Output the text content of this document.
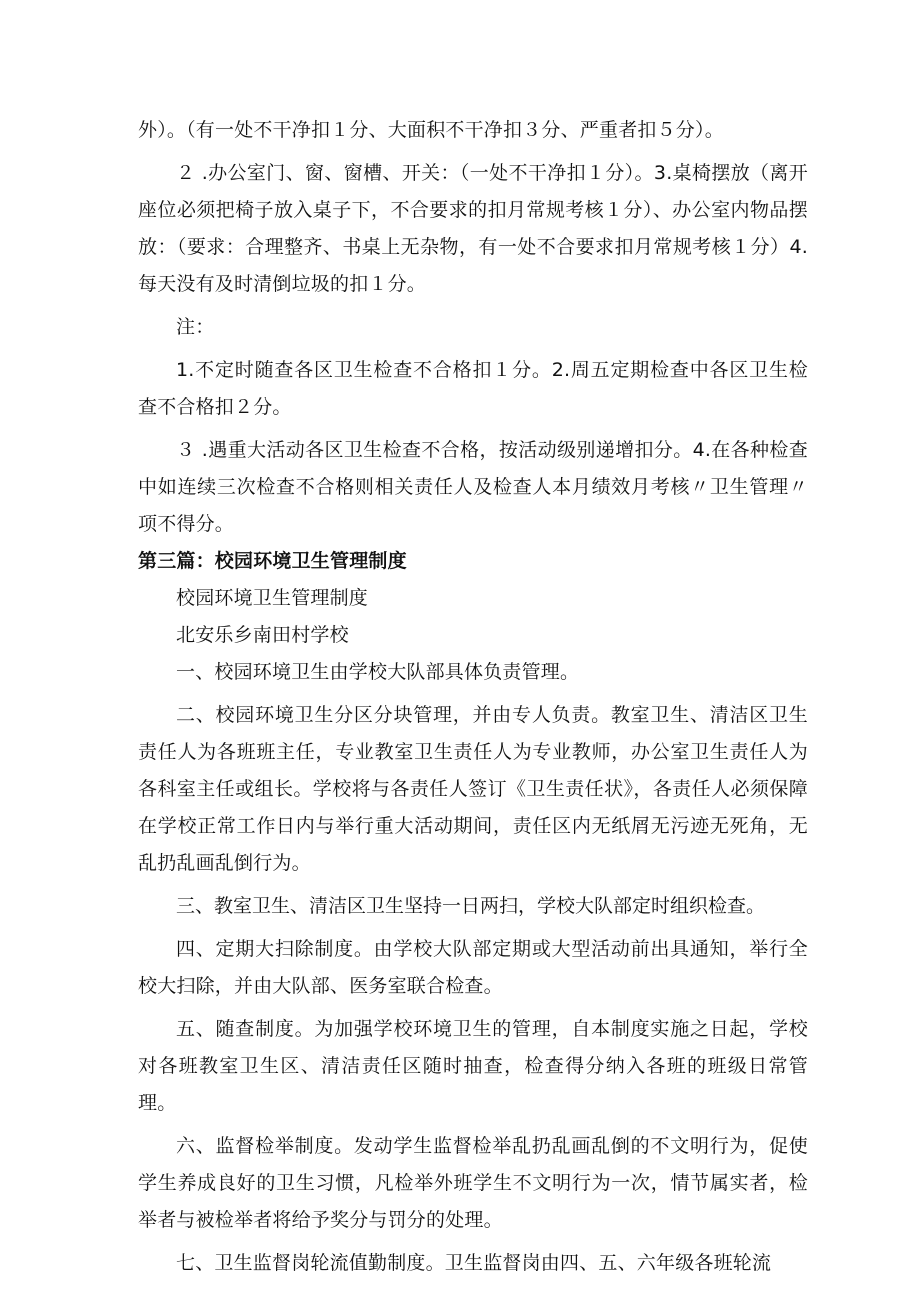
外）。（有一处不干净扣１分、大面积不干净扣３分、严重者扣５分）。

２ .办公室门、窗、窗槽、开关：（一处不干净扣１分）。3.桌椅摆放（离开座位必须把椅子放入桌子下，不合要求的扣月常规考核１分）、办公室内物品摆放：（要求：合理整齐、书桌上无杂物，有一处不合要求扣月常规考核１分）4.每天没有及时清倒垃圾的扣１分。

注：

1.不定时随查各区卫生检查不合格扣１分。2.周五定期检查中各区卫生检查不合格扣２分。

３ .遇重大活动各区卫生检查不合格，按活动级别递增扣分。4.在各种检查中如连续三次检查不合格则相关责任人及检查人本月绩效月考核〃卫生管理〃项不得分。

第三篇：校园环境卫生管理制度

校园环境卫生管理制度

北安乐乡南田村学校

一、校园环境卫生由学校大队部具体负责管理。

二、校园环境卫生分区分块管理，并由专人负责。教室卫生、清洁区卫生责任人为各班班主任，专业教室卫生责任人为专业教师，办公室卫生责任人为各科室主任或组长。学校将与各责任人签订《卫生责任状》，各责任人必须保障在学校正常工作日内与举行重大活动期间，责任区内无纸屑无污迹无死角，无乱扔乱画乱倒行为。

三、教室卫生、清洁区卫生坚持一日两扫，学校大队部定时组织检查。

四、定期大扫除制度。由学校大队部定期或大型活动前出具通知，举行全校大扫除，并由大队部、医务室联合检查。

五、随查制度。为加强学校环境卫生的管理，自本制度实施之日起，学校对各班教室卫生区、清洁责任区随时抽查，检查得分纳入各班的班级日常管理。

六、监督检举制度。发动学生监督检举乱扔乱画乱倒的不文明行为，促使学生养成良好的卫生习惯，凡检举外班学生不文明行为一次，情节属实者，检举者与被检举者将给予奖分与罚分的处理。

七、卫生监督岗轮流值勤制度。卫生监督岗由四、五、六年级各班轮流
